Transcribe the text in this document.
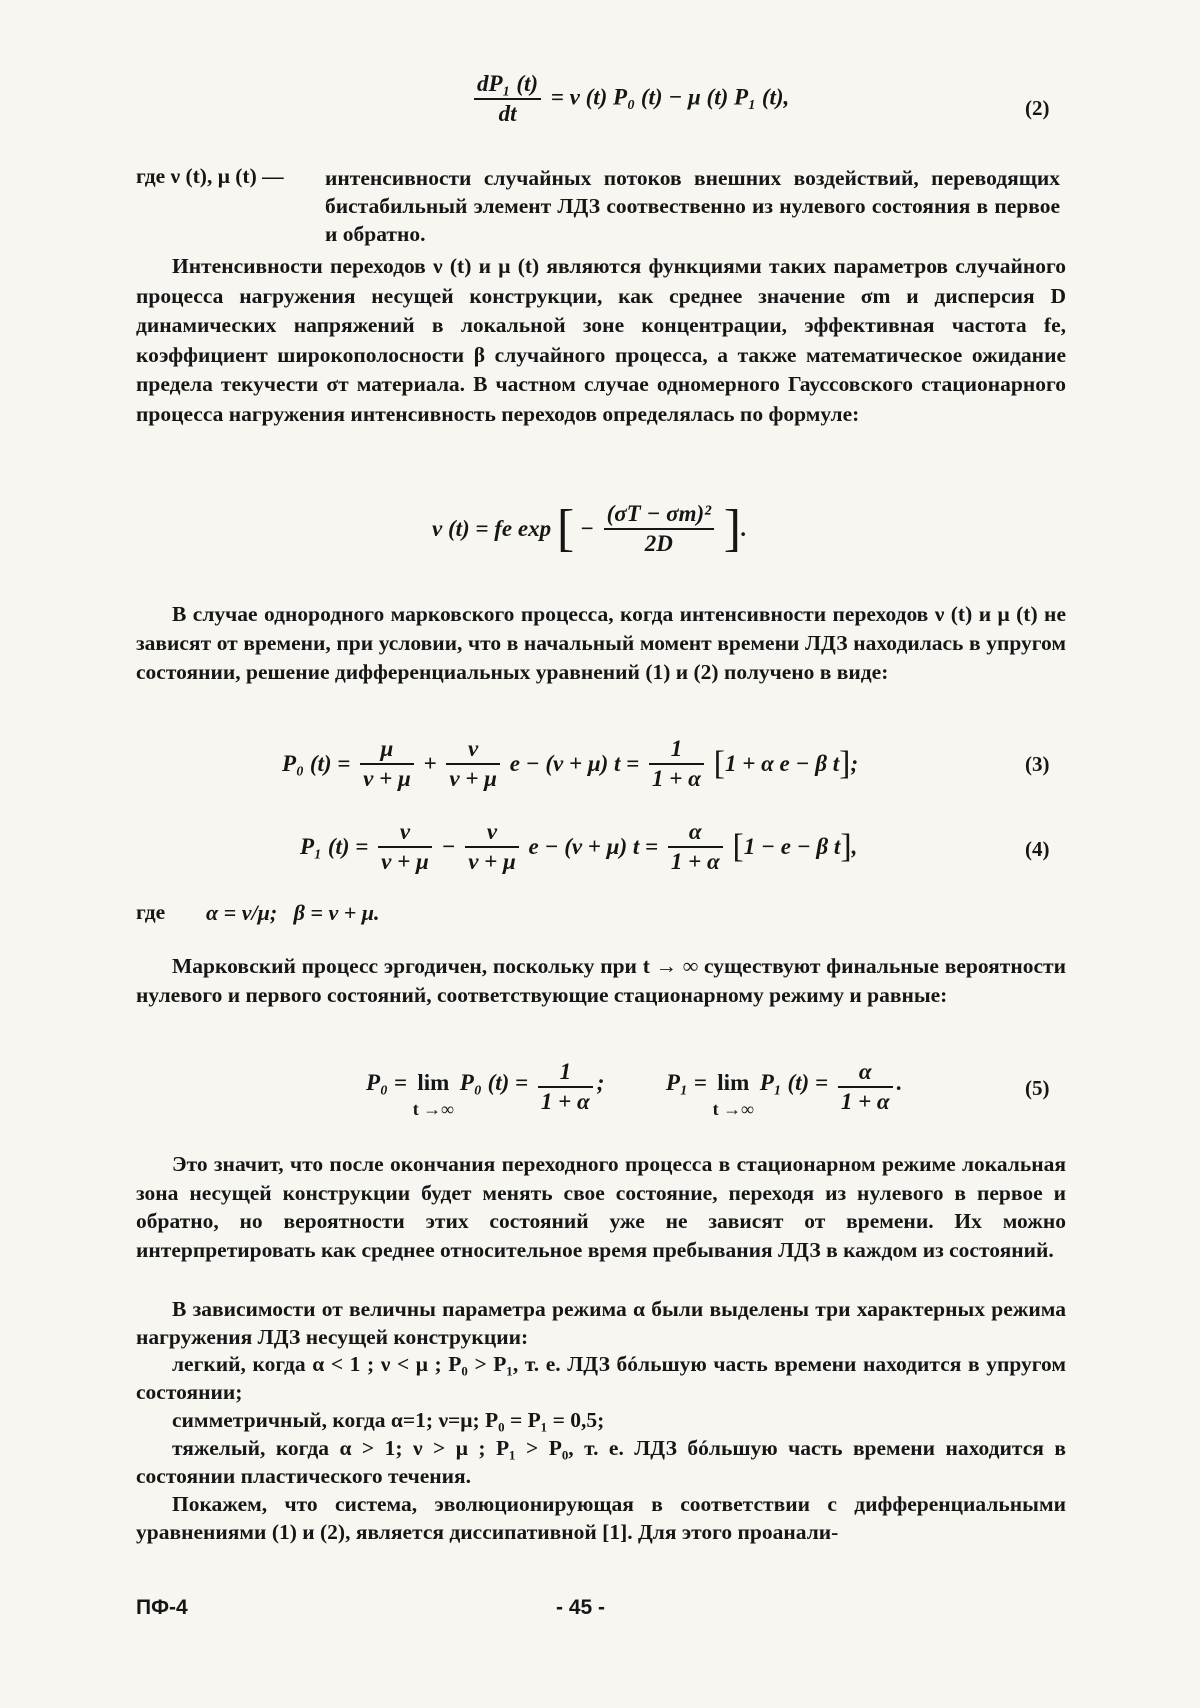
$\frac{\text{dP₁ (t)}}{dt} = \nu$ (t) P₀ (t) − μ (t) P₁ (t),	(2)
где ν (t), μ (t) — интенсивности случайных потоков внешних воздействий, переводящих бистабильный элемент ЛДЗ соотвественно из нулевого состояния в первое и обратно.

Интенсивности переходов ν (t) и μ (t) являются функциями таких параметров случайного процесса нагружения несущей конструкции, как среднее значение σm и дисперсия D динамических напряжений в локальной зоне концентрации, эффективная частота fe, коэффициент широкополосности β случайного процесса, а также математическое ожидание предела текучести σт материала. В частном случае одномерного Гауссовского стационарного процесса нагружения интенсивность переходов определялась по формуле:

ν (t) = fe exp [ − $\frac{\text{(σT − σm)²}}{2D}$ ].

В случае однородного марковского процесса, когда интенсивности переходов ν (t) и μ (t) не зависят от времени, при условии, что в начальный момент времени ЛДЗ находилась в упругом состоянии, решение дифференциальных уравнений (1) и (2) получено в виде:

P₀ $(t) = \frac{\mu}{\nu + \mu} + \frac{\nu}{\nu + \mu}$ e − (ν + μ) $t = \frac{1}{1 + \alpha} [1 + \alpha$ e − β t];	(3)
P₁ $(t) = \frac{\nu}{\nu + \mu} - \frac{\nu}{\nu + \mu}$ e − (ν + μ) $t = \frac{\alpha}{1 + \alpha} [1 - e - \beta$ t],	(4)
где α = ν/μ;   β = ν + μ.

Марковский процесс эргодичен, поскольку при t → ∞ существуют финальные вероятности нулевого и первого состояний, соответствующие стационарному режиму и равные:

P₀ = lim
t →∞
P₀ $(t) = \frac{1}{1 + \alpha}$ ;	P₁ = lim
t →∞
P₁ $(t) = \frac{\alpha}{1 + \alpha}$ .	(5)

Это значит, что после окончания переходного процесса в стационарном режиме локальная зона несущей конструкции будет менять свое состояние, переходя из нулевого в первое и обратно, но вероятности этих состояний уже не зависят от времени. Их можно интерпретировать как среднее относительное время пребывания ЛДЗ в каждом из состояний.

В зависимости от величны параметра режима α были выделены три характерных режима нагружения ЛДЗ несущей конструкции:

легкий, когда α < 1 ; ν < μ ; P₀ > P₁, т. е. ЛДЗ бóльшую часть времени находится в упругом состоянии;

симметричный, когда α=1; ν=μ; P₀ = P₁ = 0,5;

тяжелый, когда α > 1; ν > μ ; P₁ > P₀, т. е. ЛДЗ бóльшую часть времени находится в состоянии пластического течения.

Покажем, что система, эволюционирующая в соответствии с дифференциальными уравнениями (1) и (2), является диссипативной [1]. Для этого проанали-

ПФ-4	- 45 -
